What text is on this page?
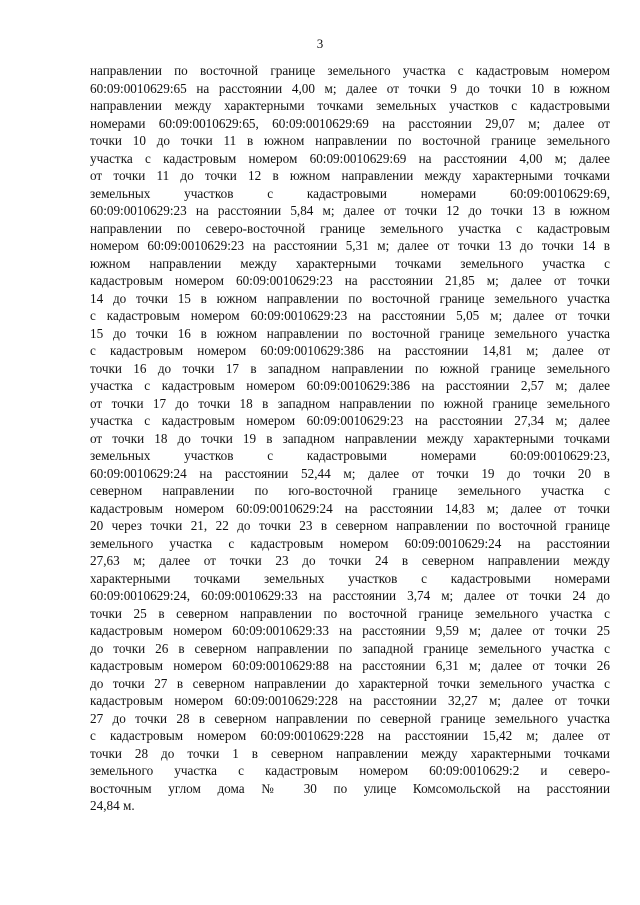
3
направлении по восточной границе земельного участка с кадастровым номером
60:09:0010629:65 на расстоянии 4,00 м; далее от точки 9 до точки 10 в южном
направлении между характерными точками земельных участков с кадастровыми
номерами 60:09:0010629:65, 60:09:0010629:69 на расстоянии 29,07 м; далее от
точки 10 до точки 11 в южном направлении по восточной границе земельного
участка с кадастровым номером 60:09:0010629:69 на расстоянии 4,00 м; далее
от точки 11 до точки 12 в южном направлении между характерными точками
земельных участков с кадастровыми номерами 60:09:0010629:69,
60:09:0010629:23 на расстоянии 5,84 м; далее от точки 12 до точки 13 в южном
направлении по северо-восточной границе земельного участка с кадастровым
номером 60:09:0010629:23 на расстоянии 5,31 м; далее от точки 13 до точки 14 в
южном направлении между характерными точками земельного участка с
кадастровым номером 60:09:0010629:23 на расстоянии 21,85 м; далее от точки
14 до точки 15 в южном направлении по восточной границе земельного участка
с кадастровым номером 60:09:0010629:23 на расстоянии 5,05 м; далее от точки
15 до точки 16 в южном направлении по восточной границе земельного участка
с кадастровым номером 60:09:0010629:386 на расстоянии 14,81 м; далее от
точки 16 до точки 17 в западном направлении по южной границе земельного
участка с кадастровым номером 60:09:0010629:386 на расстоянии 2,57 м; далее
от точки 17 до точки 18 в западном направлении по южной границе земельного
участка с кадастровым номером 60:09:0010629:23 на расстоянии 27,34 м; далее
от точки 18 до точки 19 в западном направлении между характерными точками
земельных участков с кадастровыми номерами 60:09:0010629:23,
60:09:0010629:24 на расстоянии 52,44 м; далее от точки 19 до точки 20 в
северном направлении по юго-восточной границе земельного участка с
кадастровым номером 60:09:0010629:24 на расстоянии 14,83 м; далее от точки
20 через точки 21, 22 до точки 23 в северном направлении по восточной границе
земельного участка с кадастровым номером 60:09:0010629:24 на расстоянии
27,63 м; далее от точки 23 до точки 24 в северном направлении между
характерными точками земельных участков с кадастровыми номерами
60:09:0010629:24, 60:09:0010629:33 на расстоянии 3,74 м; далее от точки 24 до
точки 25 в северном направлении по восточной границе земельного участка с
кадастровым номером 60:09:0010629:33 на расстоянии 9,59 м; далее от точки 25
до точки 26 в северном направлении по западной границе земельного участка с
кадастровым номером 60:09:0010629:88 на расстоянии 6,31 м; далее от точки 26
до точки 27 в северном направлении до характерной точки земельного участка с
кадастровым номером 60:09:0010629:228 на расстоянии 32,27 м; далее от точки
27 до точки 28 в северном направлении по северной границе земельного участка
с кадастровым номером 60:09:0010629:228 на расстоянии 15,42 м; далее от
точки 28 до точки 1 в северном направлении между характерными точками
земельного участка с кадастровым номером 60:09:0010629:2 и северо-
восточным углом дома № 30 по улице Комсомольской на расстоянии
24,84 м.
